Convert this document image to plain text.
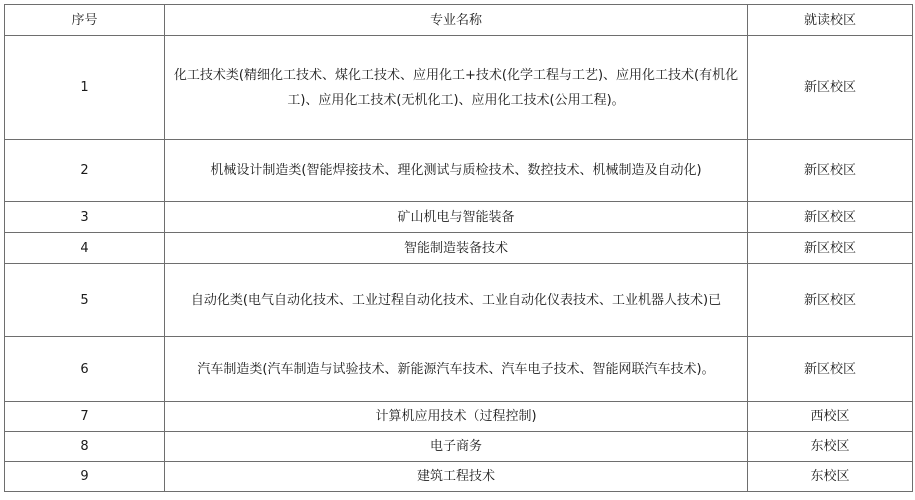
序号	专业名称	就读校区
1	化工技术类(精细化工技术、煤化工技术、应用化工+技术(化学工程与工艺)、应用化工技术(有机化工)、应用化工技术(无机化工)、应用化工技术(公用工程)。	新区校区
2	机械设计制造类(智能焊接技术、理化测试与质检技术、数控技术、机械制造及自动化)	新区校区
3	矿山机电与智能装备	新区校区
4	智能制造装备技术	新区校区
5	自动化类(电气自动化技术、工业过程自动化技术、工业自动化仪表技术、工业机器人技术)已	新区校区
6	汽车制造类(汽车制造与试验技术、新能源汽车技术、汽车电子技术、智能网联汽车技术)。	新区校区
7	计算机应用技术（过程控制)	西校区
8	电子商务	东校区
9	建筑工程技术	东校区
